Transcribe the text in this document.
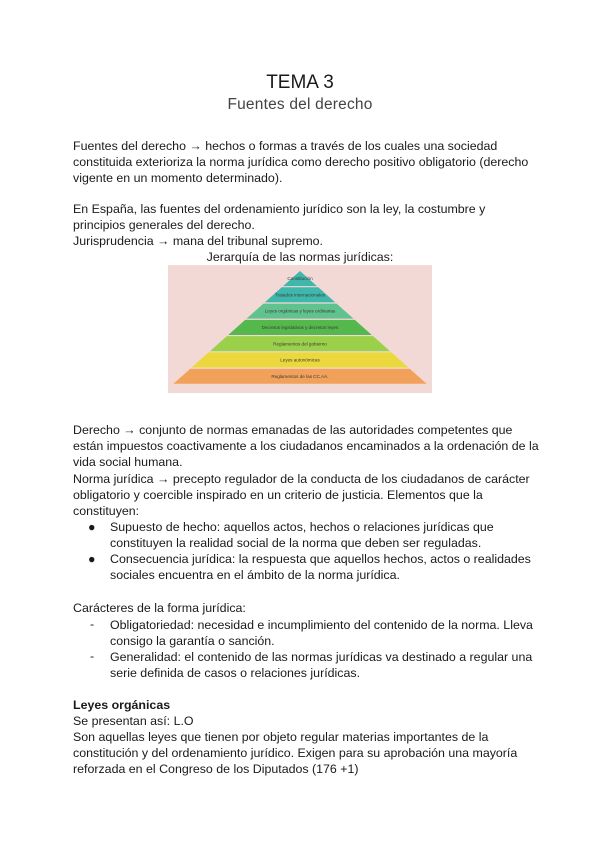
TEMA 3
Fuentes del derecho
Fuentes del derecho → hechos o formas a través de los cuales una sociedad
constituida exterioriza la norma jurídica como derecho positivo obligatorio (derecho
vigente en un momento determinado).
En España, las fuentes del ordenamiento jurídico son la ley, la costumbre y
principios generales del derecho.
Jurisprudencia → mana del tribunal supremo.
Jerarquía de las normas jurídicas:
Constitución
Tratados internacionales
Leyes orgánicas y leyes ordinarias
Decretos legislativos y decretos leyes
Reglamentos del gobierno
Leyes autonómicas
Reglamentos de las CC.AA.
Derecho → conjunto de normas emanadas de las autoridades competentes que
están impuestos coactivamente a los ciudadanos encaminados a la ordenación de la
vida social humana.
Norma jurídica → precepto regulador de la conducta de los ciudadanos de carácter
obligatorio y coercible inspirado en un criterio de justicia. Elementos que la
constituyen:
● Supuesto de hecho: aquellos actos, hechos o relaciones jurídicas que
constituyen la realidad social de la norma que deben ser reguladas.
● Consecuencia jurídica: la respuesta que aquellos hechos, actos o realidades
sociales encuentra en el ámbito de la norma jurídica.
Carácteres de la forma jurídica:
- Obligatoriedad: necesidad e incumplimiento del contenido de la norma. Lleva
consigo la garantía o sanción.
- Generalidad: el contenido de las normas jurídicas va destinado a regular una
serie definida de casos o relaciones jurídicas.
Leyes orgánicas
Se presentan así: L.O
Son aquellas leyes que tienen por objeto regular materias importantes de la
constitución y del ordenamiento jurídico. Exigen para su aprobación una mayoría
reforzada en el Congreso de los Diputados (176 +1)
